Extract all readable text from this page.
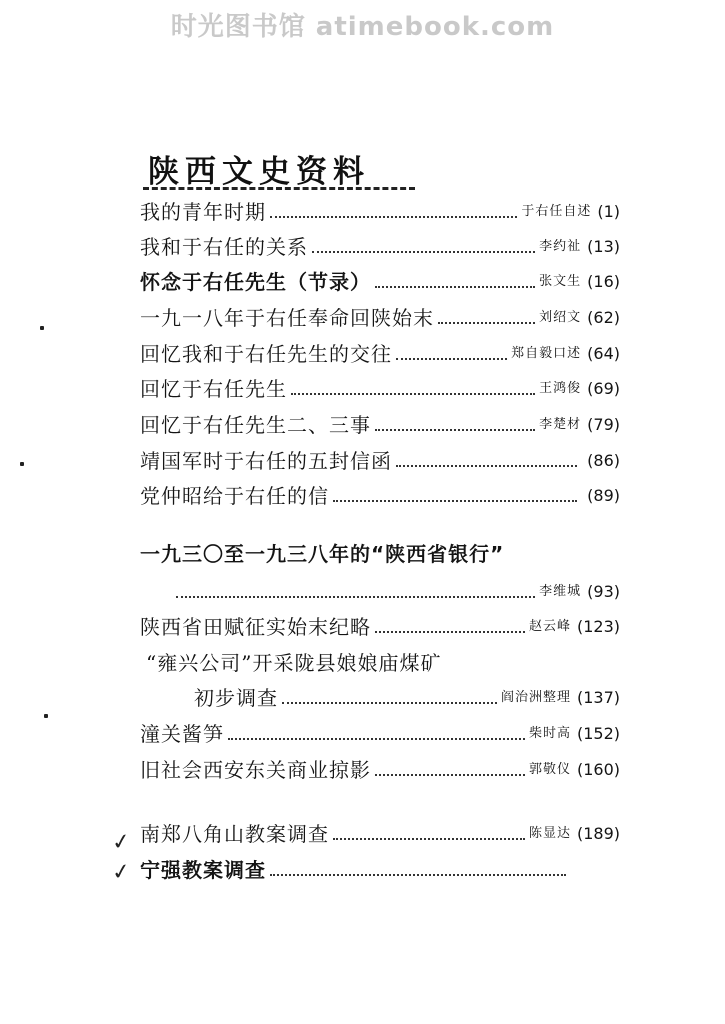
时光图书馆 atimebook.com
陕西文史资料
我的青年时期	于右任自述 (1)
我和于右任的关系	李约祉 (13)
怀念于右任先生（节录）	张文生 (16)
一九一八年于右任奉命回陕始末	刘绍文 (62)
回忆我和于右任先生的交往	郑自毅口述 (64)
回忆于右任先生	王鸿俊 (69)
回忆于右任先生二、三事	李楚材 (79)
靖国军时于右任的五封信函	(86)
党仲昭给于右任的信	(89)
一九三〇至一九三八年的“陕西省银行”
李维城 (93)
陕西省田赋征实始末纪略	赵云峰 (123)
“雍兴公司”开采陇县娘娘庙煤矿
初步调查	阎治洲整理 (137)
潼关酱笋	柴时高 (152)
旧社会西安东关商业掠影	郭敬仪 (160)
南郑八角山教案调查	陈显达 (189)
宁强教案调查
✓
✓
